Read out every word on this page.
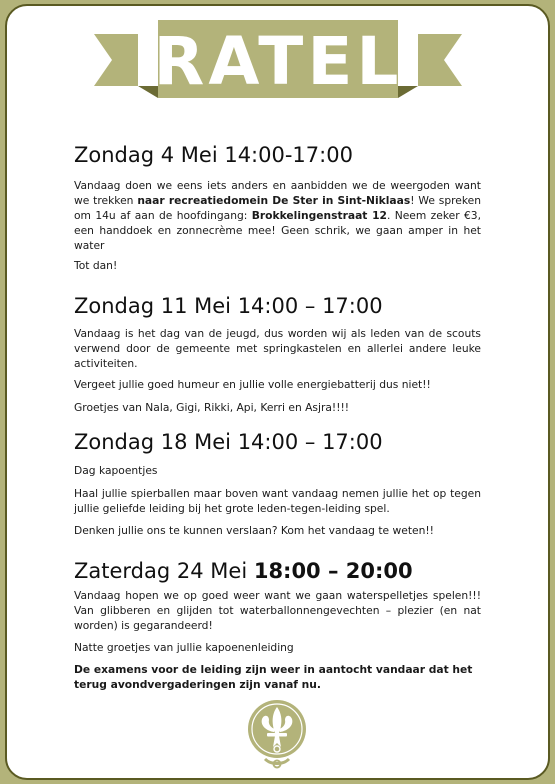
RATEL
Zondag 4 Mei 14:00-17:00
Vandaag doen we eens iets anders en aanbidden we de weergoden want we trekken naar recreatiedomein De Ster in Sint-Niklaas! We spreken om 14u af aan de hoofdingang: Brokkelingenstraat 12. Neem zeker €3, een handdoek en zonnecrème mee! Geen schrik, we gaan amper in het water
Tot dan!
Zondag 11 Mei 14:00 – 17:00
Vandaag is het dag van de jeugd, dus worden wij als leden van de scouts verwend door de gemeente met springkastelen en allerlei andere leuke activiteiten.
Vergeet jullie goed humeur en jullie volle energiebatterij dus niet!!
Groetjes van Nala, Gigi, Rikki, Api, Kerri en Asjra!!!!
Zondag 18 Mei 14:00 – 17:00
Dag kapoentjes
Haal jullie spierballen maar boven want vandaag nemen jullie het op tegen jullie geliefde leiding bij het grote leden-tegen-leiding spel.
Denken jullie ons te kunnen verslaan? Kom het vandaag te weten!!
Zaterdag 24 Mei 18:00 – 20:00
Vandaag hopen we op goed weer want we gaan waterspelletjes spelen!!! Van glibberen en glijden tot waterballonnengevechten – plezier (en nat worden) is gegarandeerd!
Natte groetjes van jullie kapoenenleiding
De examens voor de leiding zijn weer in aantocht vandaar dat het terug avondvergaderingen zijn vanaf nu.
